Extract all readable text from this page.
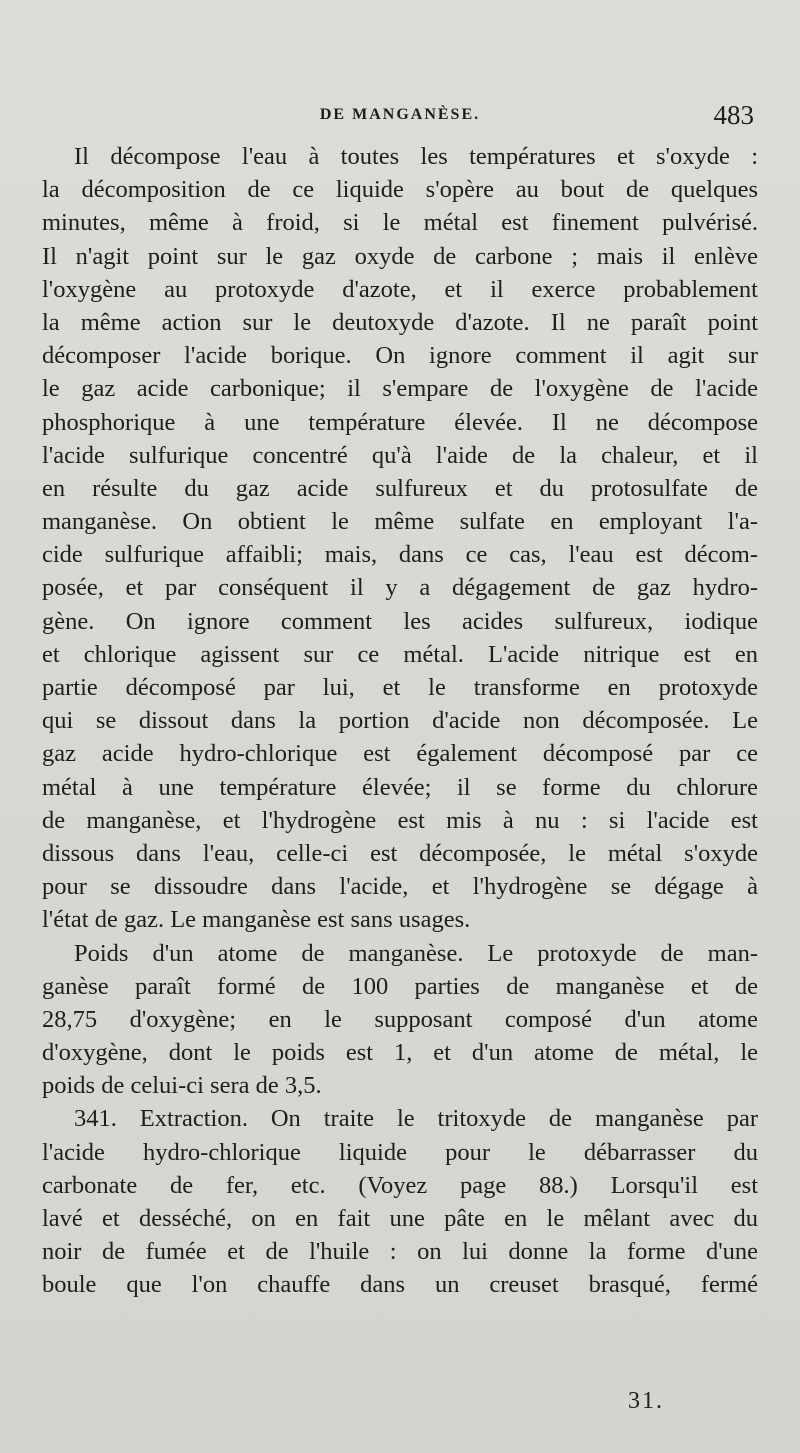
DE MANGANÈSE.	483
Il décompose l'eau à toutes les températures et s'oxyde :
la décomposition de ce liquide s'opère au bout de quelques
minutes, même à froid, si le métal est finement pulvérisé.
Il n'agit point sur le gaz oxyde de carbone ; mais il enlève
l'oxygène au protoxyde d'azote, et il exerce probablement
la même action sur le deutoxyde d'azote. Il ne paraît point
décomposer l'acide borique. On ignore comment il agit sur
le gaz acide carbonique; il s'empare de l'oxygène de l'acide
phosphorique à une température élevée. Il ne décompose
l'acide sulfurique concentré qu'à l'aide de la chaleur, et il
en résulte du gaz acide sulfureux et du protosulfate de
manganèse. On obtient le même sulfate en employant l'a-
cide sulfurique affaibli; mais, dans ce cas, l'eau est décom-
posée, et par conséquent il y a dégagement de gaz hydro-
gène. On ignore comment les acides sulfureux, iodique
et chlorique agissent sur ce métal. L'acide nitrique est en
partie décomposé par lui, et le transforme en protoxyde
qui se dissout dans la portion d'acide non décomposée. Le
gaz acide hydro-chlorique est également décomposé par ce
métal à une température élevée; il se forme du chlorure
de manganèse, et l'hydrogène est mis à nu : si l'acide est
dissous dans l'eau, celle-ci est décomposée, le métal s'oxyde
pour se dissoudre dans l'acide, et l'hydrogène se dégage à
l'état de gaz. Le manganèse est sans usages.
Poids d'un atome de manganèse. Le protoxyde de man-
ganèse paraît formé de 100 parties de manganèse et de
28,75 d'oxygène; en le supposant composé d'un atome
d'oxygène, dont le poids est 1, et d'un atome de métal, le
poids de celui-ci sera de 3,5.
341. Extraction. On traite le tritoxyde de manganèse par
l'acide hydro-chlorique liquide pour le débarrasser du
carbonate de fer, etc. (Voyez page 88.) Lorsqu'il est
lavé et desséché, on en fait une pâte en le mêlant avec du
noir de fumée et de l'huile : on lui donne la forme d'une
boule que l'on chauffe dans un creuset brasqué, fermé
31.
